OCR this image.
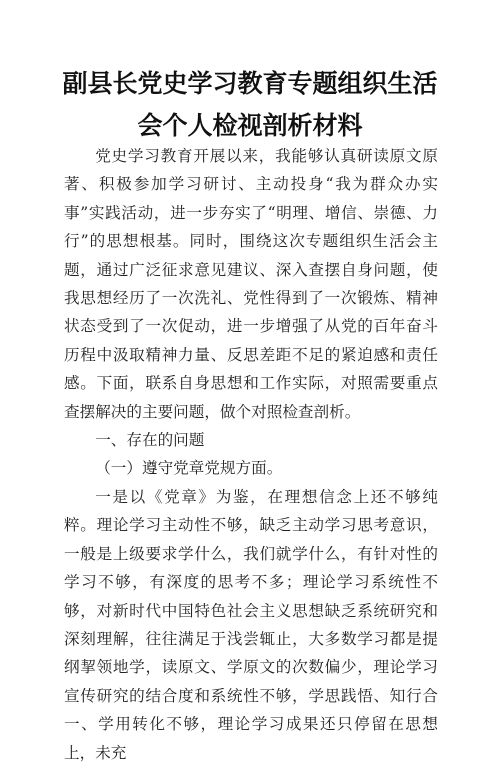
副县长党史学习教育专题组织生活
会个人检视剖析材料

党史学习教育开展以来，我能够认真研读原文原著、积极参加学习研讨、主动投身“我为群众办实事”实践活动，进一步夯实了“明理、增信、崇德、力行”的思想根基。同时，围绕这次专题组织生活会主题，通过广泛征求意见建议、深入查摆自身问题，使我思想经历了一次洗礼、党性得到了一次锻炼、精神状态受到了一次促动，进一步增强了从党的百年奋斗历程中汲取精神力量、反思差距不足的紧迫感和责任感。下面，联系自身思想和工作实际，对照需要重点查摆解决的主要问题，做个对照检查剖析。

一、存在的问题

（一）遵守党章党规方面。

一是以《党章》为鉴，在理想信念上还不够纯粹。理论学习主动性不够，缺乏主动学习思考意识，一般是上级要求学什么，我们就学什么，有针对性的学习不够，有深度的思考不多；理论学习系统性不够，对新时代中国特色社会主义思想缺乏系统研究和深刻理解，往往满足于浅尝辄止，大多数学习都是提纲挈领地学，读原文、学原文的次数偏少，理论学习宣传研究的结合度和系统性不够，学思践悟、知行合一、学用转化不够，理论学习成果还只停留在思想上，未充
